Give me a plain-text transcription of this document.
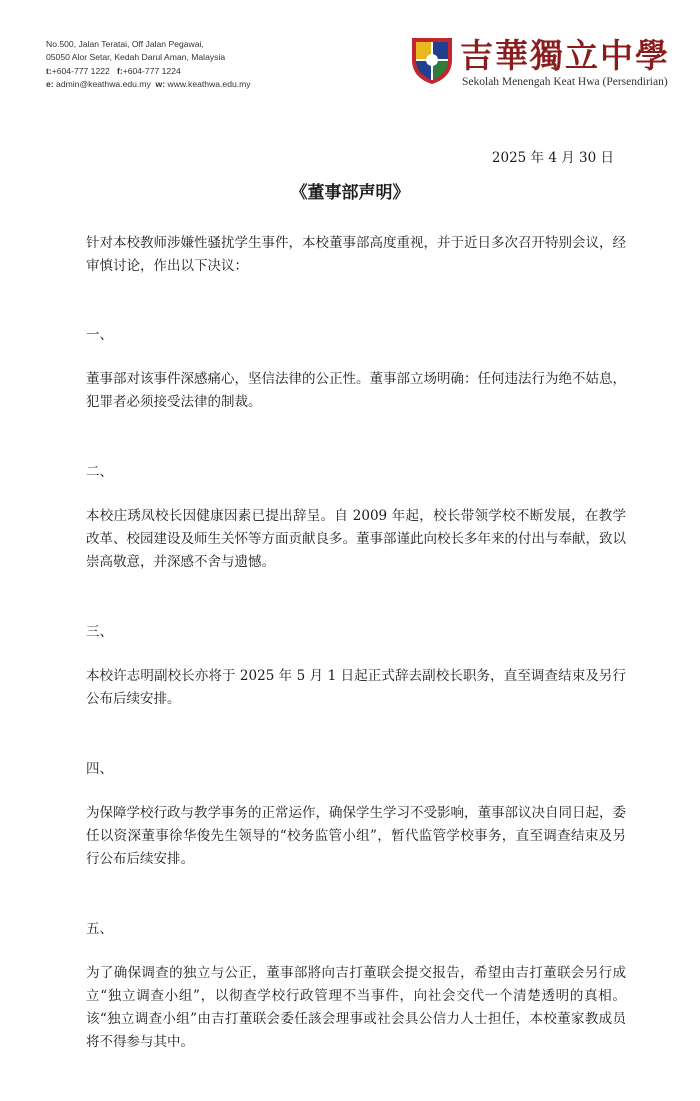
No.500, Jalan Teratai, Off Jalan Pegawai,
05050 Alor Setar, Kedah Darul Aman, Malaysia
t:+604-777 1222 f:+604-777 1224
e: admin@keathwa.edu.my w: www.keathwa.edu.my
吉華獨立中學
Sekolah Menengah Keat Hwa (Persendirian)
2025 年 4 月 30 日
《董事部声明》

针对本校教师涉嫌性骚扰学生事件，本校董事部高度重视，并于近日多次召开特别会议，经审慎讨论，作出以下决议：

一、

董事部对该事件深感痛心，坚信法律的公正性。董事部立场明确：任何违法行为绝不姑息，犯罪者必须接受法律的制裁。

二、

本校庄琇凤校长因健康因素已提出辞呈。自 2009 年起，校长带领学校不断发展，在教学改革、校园建设及师生关怀等方面贡献良多。董事部谨此向校长多年来的付出与奉献，致以崇高敬意，并深感不舍与遗憾。

三、

本校许志明副校长亦将于 2025 年 5 月 1 日起正式辞去副校长职务，直至调查结束及另行公布后续安排。

四、

为保障学校行政与教学事务的正常运作，确保学生学习不受影响，董事部议决自同日起，委任以资深董事徐华俊先生领导的“校务监管小组”，暂代监管学校事务，直至调查结束及另行公布后续安排。

五、

为了确保调查的独立与公正，董事部將向吉打董联会提交报告，希望由吉打董联会另行成立“独立调查小组”，以彻查学校行政管理不当事件，向社会交代一个清楚透明的真相。该“独立调查小组”由吉打董联会委任該会理事或社会具公信力人士担任，本校董家教成员将不得参与其中。
